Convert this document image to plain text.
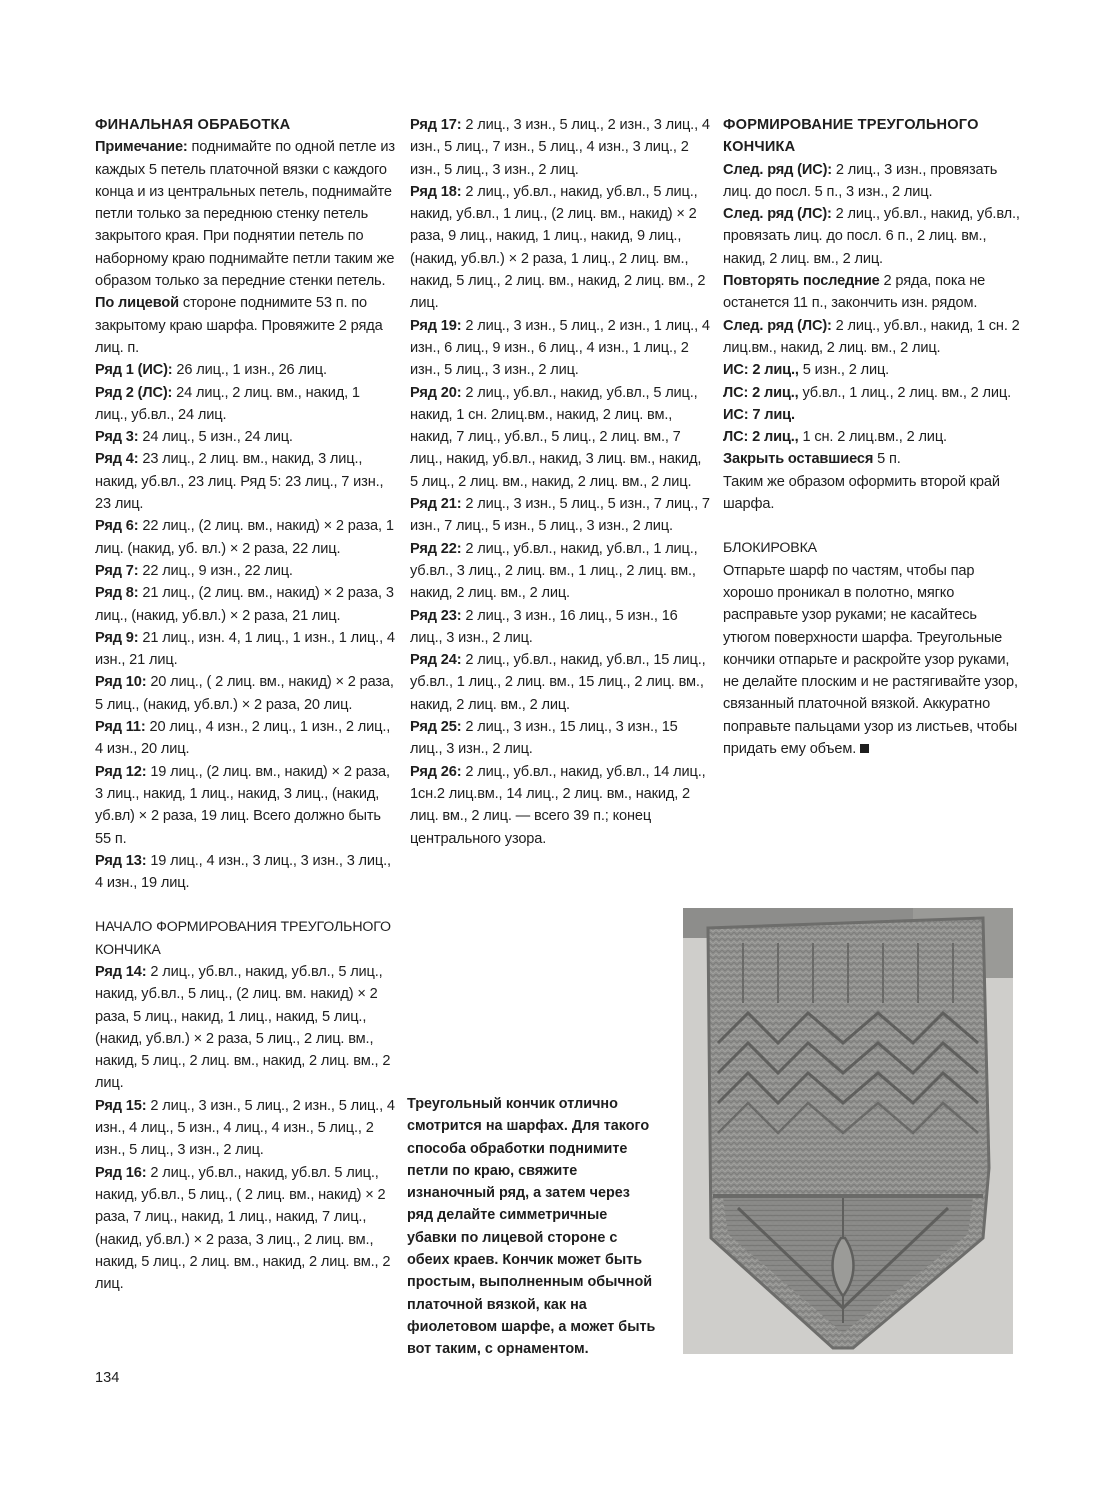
ФИНАЛЬНАЯ ОБРАБОТКА

Примечание: поднимайте по одной петле из каждых 5 петель платочной вязки с каждого конца и из центральных петель, поднимайте петли только за переднюю стенку петель закрытого края. При поднятии петель по наборному краю поднимайте петли таким же образом только за передние стенки петель.

По лицевой стороне поднимите 53 п. по закрытому краю шарфа. Провяжите 2 ряда лиц. п.

Ряд 1 (ИС): 26 лиц., 1 изн., 26 лиц.

Ряд 2 (ЛС): 24 лиц., 2 лиц. вм., накид, 1 лиц., уб.вл., 24 лиц.

Ряд 3: 24 лиц., 5 изн., 24 лиц.

Ряд 4: 23 лиц., 2 лиц. вм., накид, 3 лиц., накид, уб.вл., 23 лиц. Ряд 5: 23 лиц., 7 изн., 23 лиц.

Ряд 6: 22 лиц., (2 лиц. вм., накид) × 2 раза, 1 лиц. (накид, уб. вл.) × 2 раза, 22 лиц.

Ряд 7: 22 лиц., 9 изн., 22 лиц.

Ряд 8: 21 лиц., (2 лиц. вм., накид) × 2 раза, 3 лиц., (накид, уб.вл.) × 2 раза, 21 лиц.

Ряд 9: 21 лиц., изн. 4, 1 лиц., 1 изн., 1 лиц., 4 изн., 21 лиц.

Ряд 10: 20 лиц., ( 2 лиц. вм., накид) × 2 раза, 5 лиц., (накид, уб.вл.) × 2 раза, 20 лиц.

Ряд 11: 20 лиц., 4 изн., 2 лиц., 1 изн., 2 лиц., 4 изн., 20 лиц.

Ряд 12: 19 лиц., (2 лиц. вм., накид) × 2 раза, 3 лиц., накид, 1 лиц., накид, 3 лиц., (накид, уб.вл) × 2 раза, 19 лиц. Всего должно быть 55 п.

Ряд 13: 19 лиц., 4 изн., 3 лиц., 3 изн., 3 лиц., 4 изн., 19 лиц.

НАЧАЛО ФОРМИРОВАНИЯ ТРЕУГОЛЬНОГО КОНЧИКА

Ряд 14: 2 лиц., уб.вл., накид, уб.вл., 5 лиц., накид, уб.вл., 5 лиц., (2 лиц. вм. накид) × 2 раза, 5 лиц., накид, 1 лиц., накид, 5 лиц., (накид, уб.вл.) × 2 раза, 5 лиц., 2 лиц. вм., накид, 5 лиц., 2 лиц. вм., накид, 2 лиц. вм., 2 лиц.

Ряд 15: 2 лиц., 3 изн., 5 лиц., 2 изн., 5 лиц., 4 изн., 4 лиц., 5 изн., 4 лиц., 4 изн., 5 лиц., 2 изн., 5 лиц., 3 изн., 2 лиц.

Ряд 16: 2 лиц., уб.вл., накид, уб.вл. 5 лиц., накид, уб.вл., 5 лиц., ( 2 лиц. вм., накид) × 2 раза, 7 лиц., накид, 1 лиц., накид, 7 лиц., (накид, уб.вл.) × 2 раза, 3 лиц., 2 лиц. вм., накид, 5 лиц., 2 лиц. вм., накид, 2 лиц. вм., 2 лиц.

Ряд 17: 2 лиц., 3 изн., 5 лиц., 2 изн., 3 лиц., 4 изн., 5 лиц., 7 изн., 5 лиц., 4 изн., 3 лиц., 2 изн., 5 лиц., 3 изн., 2 лиц.

Ряд 18: 2 лиц., уб.вл., накид, уб.вл., 5 лиц., накид, уб.вл., 1 лиц., (2 лиц. вм., накид) × 2 раза, 9 лиц., накид, 1 лиц., накид, 9 лиц., (накид, уб.вл.) × 2 раза, 1 лиц., 2 лиц. вм., накид, 5 лиц., 2 лиц. вм., накид, 2 лиц. вм., 2 лиц.

Ряд 19: 2 лиц., 3 изн., 5 лиц., 2 изн., 1 лиц., 4 изн., 6 лиц., 9 изн., 6 лиц., 4 изн., 1 лиц., 2 изн., 5 лиц., 3 изн., 2 лиц.

Ряд 20: 2 лиц., уб.вл., накид, уб.вл., 5 лиц., накид, 1 сн. 2лиц.вм., накид, 2 лиц. вм., накид, 7 лиц., уб.вл., 5 лиц., 2 лиц. вм., 7 лиц., накид, уб.вл., накид, 3 лиц. вм., накид, 5 лиц., 2 лиц. вм., накид, 2 лиц. вм., 2 лиц.

Ряд 21: 2 лиц., 3 изн., 5 лиц., 5 изн., 7 лиц., 7 изн., 7 лиц., 5 изн., 5 лиц., 3 изн., 2 лиц.

Ряд 22: 2 лиц., уб.вл., накид, уб.вл., 1 лиц., уб.вл., 3 лиц., 2 лиц. вм., 1 лиц., 2 лиц. вм., накид, 2 лиц. вм., 2 лиц.

Ряд 23: 2 лиц., 3 изн., 16 лиц., 5 изн., 16 лиц., 3 изн., 2 лиц.

Ряд 24: 2 лиц., уб.вл., накид, уб.вл., 15 лиц., уб.вл., 1 лиц., 2 лиц. вм., 15 лиц., 2 лиц. вм., накид, 2 лиц. вм., 2 лиц.

Ряд 25: 2 лиц., 3 изн., 15 лиц., 3 изн., 15 лиц., 3 изн., 2 лиц.

Ряд 26: 2 лиц., уб.вл., накид, уб.вл., 14 лиц., 1сн.2 лиц.вм., 14 лиц., 2 лиц. вм., накид, 2 лиц. вм., 2 лиц. — всего 39 п.; конец центрального узора.

Треугольный кончик отлично смотрится на шарфах. Для такого способа обработки поднимите петли по краю, свяжите изнаночный ряд, а затем через ряд делайте симметричные убавки по лицевой стороне с обеих краев. Кончик может быть простым, выполненным обычной платочной вязкой, как на фиолетовом шарфе, а может быть вот таким, с орнаментом.

ФОРМИРОВАНИЕ ТРЕУГОЛЬНОГО КОНЧИКА

След. ряд (ИС): 2 лиц., 3 изн., провязать лиц. до посл. 5 п., 3 изн., 2 лиц.

След. ряд (ЛС): 2 лиц., уб.вл., накид, уб.вл., провязать лиц. до посл. 6 п., 2 лиц. вм., накид, 2 лиц. вм., 2 лиц.

Повторять последние 2 ряда, пока не останется 11 п., закончить изн. рядом.

След. ряд (ЛС): 2 лиц., уб.вл., накид, 1 сн. 2 лиц.вм., накид, 2 лиц. вм., 2 лиц.

ИС: 2 лиц., 5 изн., 2 лиц.

ЛС: 2 лиц., уб.вл., 1 лиц., 2 лиц. вм., 2 лиц.

ИС: 7 лиц.

ЛС: 2 лиц., 1 сн. 2 лиц.вм., 2 лиц.

Закрыть оставшиеся 5 п.

Таким же образом оформить второй край шарфа.

БЛОКИРОВКА

Отпарьте шарф по частям, чтобы пар хорошо проникал в полотно, мягко расправьте узор руками; не касайтесь утюгом поверхности шарфа. Треугольные кончики отпарьте и раскройте узор руками, не делайте плоским и не растягивайте узор, связанный платочной вязкой. Аккуратно поправьте пальцами узор из листьев, чтобы придать ему объем.

134
